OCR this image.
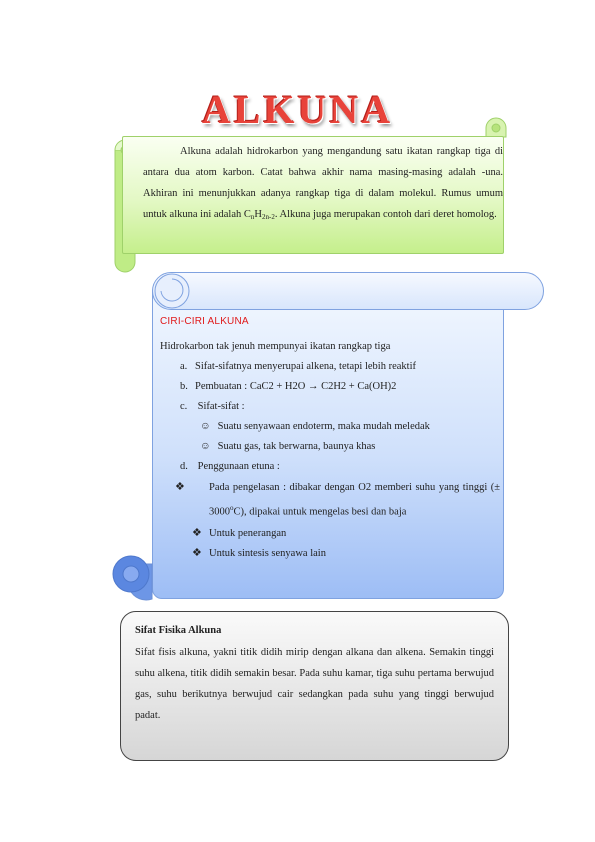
ALKUNA
Alkuna adalah hidrokarbon yang mengandung satu ikatan rangkap tiga di antara dua atom karbon. Catat bahwa akhir nama masing-masing adalah -una. Akhiran ini menunjukkan adanya rangkap tiga di dalam molekul. Rumus umum untuk alkuna ini adalah $C_nH_{2n-2}$. Alkuna juga merupakan contoh dari deret homolog.
CIRI-CIRI ALKUNA
Hidrokarbon tak jenuh mempunyai ikatan rangkap tiga
a. Sifat-sifatnya menyerupai alkena, tetapi lebih reaktif
b. Pembuatan : CaC2 + H2O → C2H2 + Ca(OH)2
c. Sifat-sifat :
☺ Suatu senyawaan endoterm, maka mudah meledak
☺ Suatu gas, tak berwarna, baunya khas
d. Penggunaan etuna :
❖ Pada pengelasan : dibakar dengan O2 memberi suhu yang tinggi (± $3000^oC$), dipakai untuk mengelas besi dan baja
❖ Untuk penerangan
❖ Untuk sintesis senyawa lain
Sifat Fisika Alkuna

Sifat fisis alkuna, yakni titik didih mirip dengan alkana dan alkena. Semakin tinggi suhu alkena, titik didih semakin besar. Pada suhu kamar, tiga suhu pertama berwujud gas, suhu berikutnya berwujud cair sedangkan pada suhu yang tinggi berwujud padat.
